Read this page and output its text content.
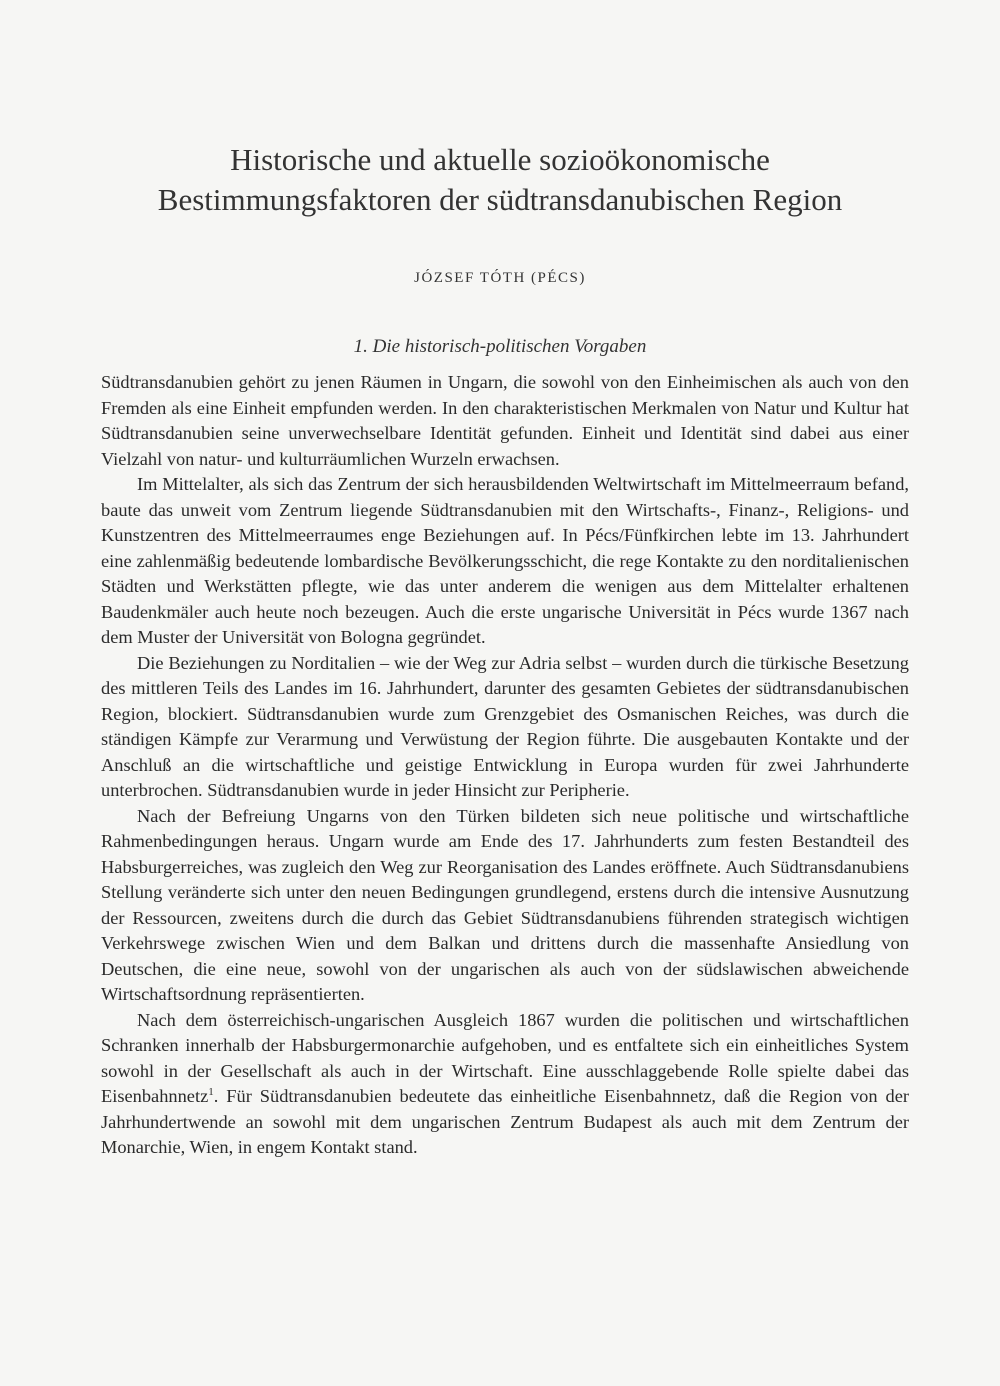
Historische und aktuelle sozioökonomische
Bestimmungsfaktoren der südtransdanubischen Region
JÓZSEF TÓTH (PÉCS)
1. Die historisch-politischen Vorgaben

Südtransdanubien gehört zu jenen Räumen in Ungarn, die sowohl von den Einheimischen als auch von den Fremden als eine Einheit empfunden werden. In den charakteristischen Merkmalen von Natur und Kultur hat Südtransdanubien seine unverwechselbare Identität gefunden. Einheit und Identität sind dabei aus einer Vielzahl von natur- und kulturräumlichen Wurzeln erwachsen.

Im Mittelalter, als sich das Zentrum der sich herausbildenden Weltwirtschaft im Mittelmeerraum befand, baute das unweit vom Zentrum liegende Südtransdanubien mit den Wirtschafts-, Finanz-, Religions- und Kunstzentren des Mittelmeerraumes enge Beziehungen auf. In Pécs/Fünfkirchen lebte im 13. Jahrhundert eine zahlenmäßig bedeutende lombardische Bevölkerungsschicht, die rege Kontakte zu den norditalienischen Städten und Werkstätten pflegte, wie das unter anderem die wenigen aus dem Mittelalter erhaltenen Baudenkmäler auch heute noch bezeugen. Auch die erste ungarische Universität in Pécs wurde 1367 nach dem Muster der Universität von Bologna gegründet.

Die Beziehungen zu Norditalien – wie der Weg zur Adria selbst – wurden durch die türkische Besetzung des mittleren Teils des Landes im 16. Jahrhundert, darunter des gesamten Gebietes der südtransdanubischen Region, blockiert. Südtransdanubien wurde zum Grenzgebiet des Osmanischen Reiches, was durch die ständigen Kämpfe zur Verarmung und Verwüstung der Region führte. Die ausgebauten Kontakte und der Anschluß an die wirtschaftliche und geistige Entwicklung in Europa wurden für zwei Jahrhunderte unterbrochen. Südtransdanubien wurde in jeder Hinsicht zur Peripherie.

Nach der Befreiung Ungarns von den Türken bildeten sich neue politische und wirtschaftliche Rahmenbedingungen heraus. Ungarn wurde am Ende des 17. Jahrhunderts zum festen Bestandteil des Habsburgerreiches, was zugleich den Weg zur Reorganisation des Landes eröffnete. Auch Südtransdanubiens Stellung veränderte sich unter den neuen Bedingungen grundlegend, erstens durch die intensive Ausnutzung der Ressourcen, zweitens durch die durch das Gebiet Südtransdanubiens führenden strategisch wichtigen Verkehrswege zwischen Wien und dem Balkan und drittens durch die massenhafte Ansiedlung von Deutschen, die eine neue, sowohl von der ungarischen als auch von der südslawischen abweichende Wirtschaftsordnung repräsentierten.

Nach dem österreichisch-ungarischen Ausgleich 1867 wurden die politischen und wirtschaftlichen Schranken innerhalb der Habsburgermonarchie aufgehoben, und es entfaltete sich ein einheitliches System sowohl in der Gesellschaft als auch in der Wirtschaft. Eine ausschlaggebende Rolle spielte dabei das Eisenbahnnetz$^1$. Für Südtransdanubien bedeutete das einheitliche Eisenbahnnetz, daß die Region von der Jahrhundertwende an sowohl mit dem ungarischen Zentrum Budapest als auch mit dem Zentrum der Monarchie, Wien, in engem Kontakt stand.
